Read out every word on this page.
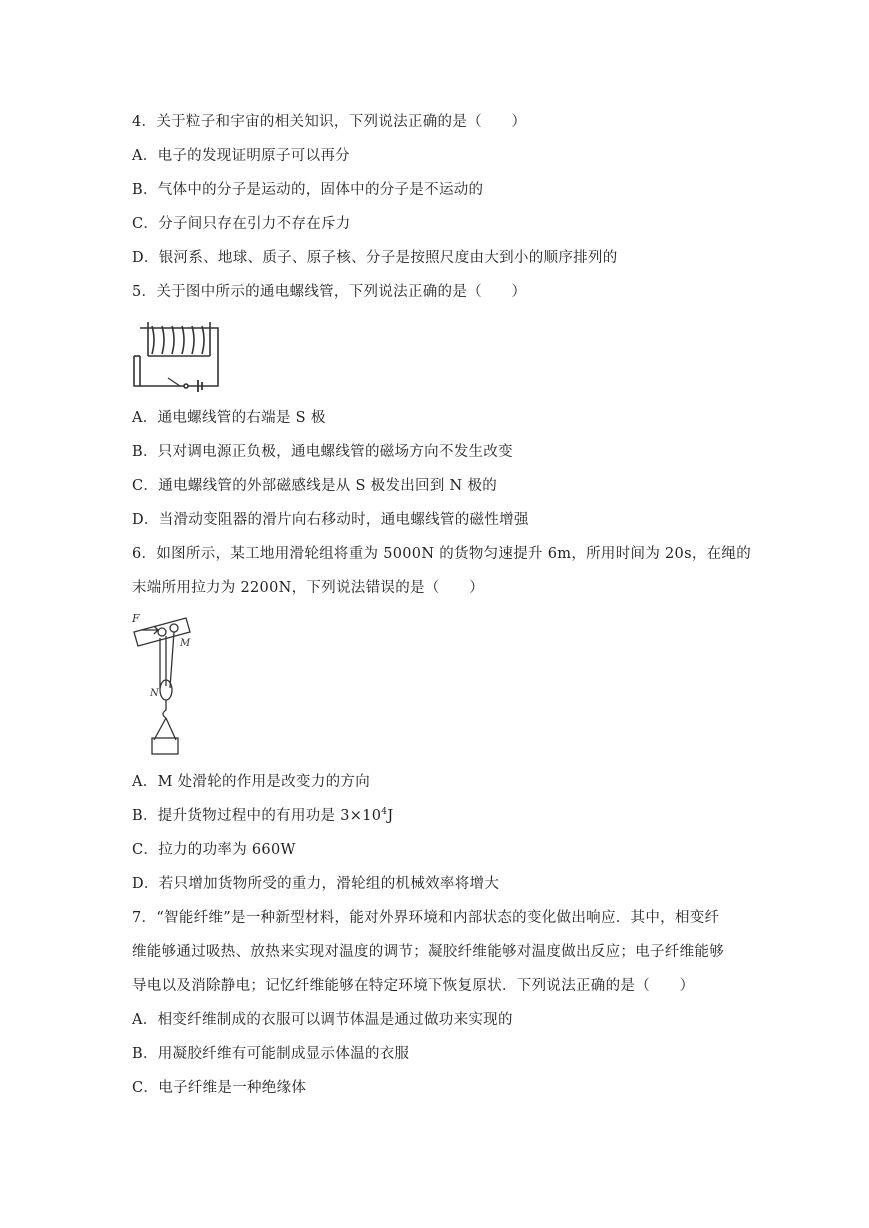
4．关于粒子和宇宙的相关知识，下列说法正确的是（　　）
A．电子的发现证明原子可以再分
B．气体中的分子是运动的，固体中的分子是不运动的
C．分子间只存在引力不存在斥力
D．银河系、地球、质子、原子核、分子是按照尺度由大到小的顺序排列的
5．关于图中所示的通电螺线管，下列说法正确的是（　　）
A．通电螺线管的右端是 S 极
B．只对调电源正负极，通电螺线管的磁场方向不发生改变
C．通电螺线管的外部磁感线是从 S 极发出回到 N 极的
D．当滑动变阻器的滑片向右移动时，通电螺线管的磁性增强
6．如图所示，某工地用滑轮组将重为 5000N 的货物匀速提升 6m，所用时间为 20s，在绳的
末端所用拉力为 2200N，下列说法错误的是（　　）
F
M
N
A．M 处滑轮的作用是改变力的方向
B．提升货物过程中的有用功是 $3\times 10^4J$
C．拉力的功率为 660W
D．若只增加货物所受的重力，滑轮组的机械效率将增大
7．“智能纤维”是一种新型材料，能对外界环境和内部状态的变化做出响应．其中，相变纤
维能够通过吸热、放热来实现对温度的调节；凝胶纤维能够对温度做出反应；电子纤维能够
导电以及消除静电；记忆纤维能够在特定环境下恢复原状．下列说法正确的是（　　）
A．相变纤维制成的衣服可以调节体温是通过做功来实现的
B．用凝胶纤维有可能制成显示体温的衣服
C．电子纤维是一种绝缘体
